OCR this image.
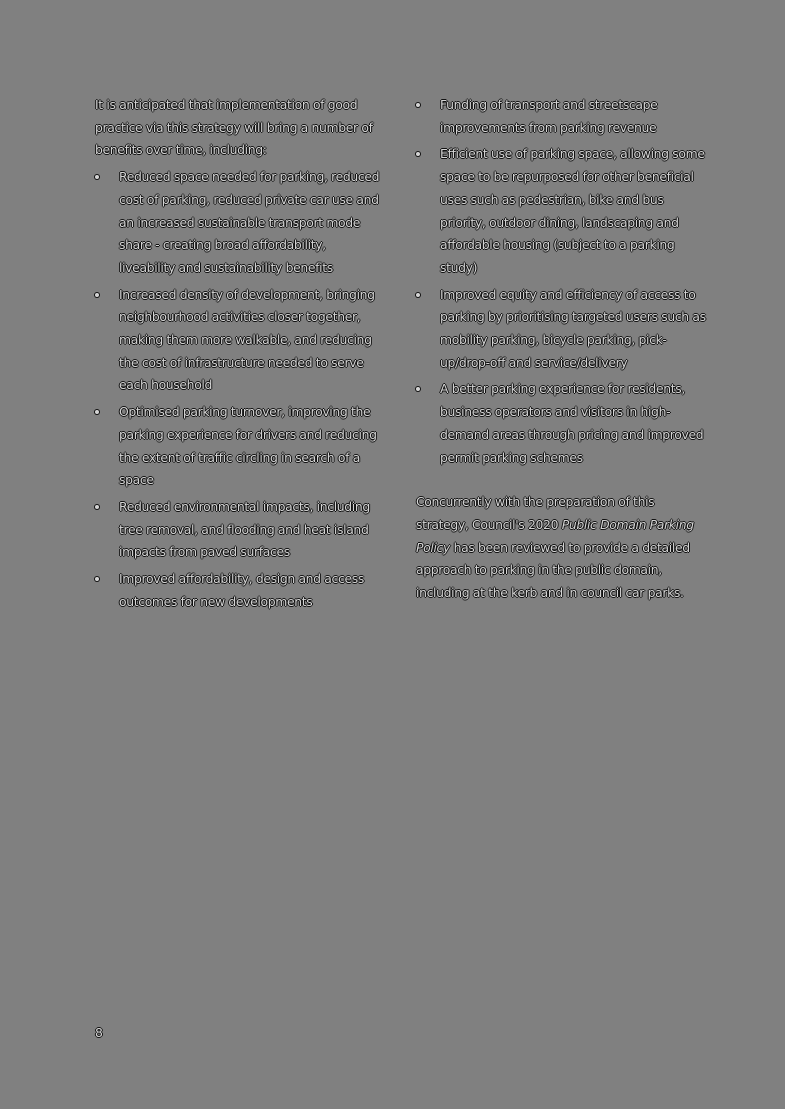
It is anticipated that implementation of good practice via this strategy will bring a number of benefits over time, including:

Reduced space needed for parking, reduced cost of parking, reduced private car use and an increased sustainable transport mode share - creating broad affordability, liveability and sustainability benefits
Increased density of development, bringing neighbourhood activities closer together, making them more walkable, and reducing the cost of infrastructure needed to serve each household
Optimised parking turnover, improving the parking experience for drivers and reducing the extent of traffic circling in search of a space
Reduced environmental impacts, including tree removal, and flooding and heat island impacts from paved surfaces
Improved affordability, design and access outcomes for new developments
Funding of transport and streetscape improvements from parking revenue
Efficient use of parking space, allowing some space to be repurposed for other beneficial uses such as pedestrian, bike and bus priority, outdoor dining, landscaping and affordable housing (subject to a parking study)
Improved equity and efficiency of access to parking by prioritising targeted users such as mobility parking, bicycle parking, pick-up/drop-off and service/delivery
A better parking experience for residents, business operators and visitors in high-demand areas through pricing and improved permit parking schemes

Concurrently with the preparation of this strategy, Council's 2020 Public Domain Parking Policy has been reviewed to provide a detailed approach to parking in the public domain, including at the kerb and in council car parks.

8
